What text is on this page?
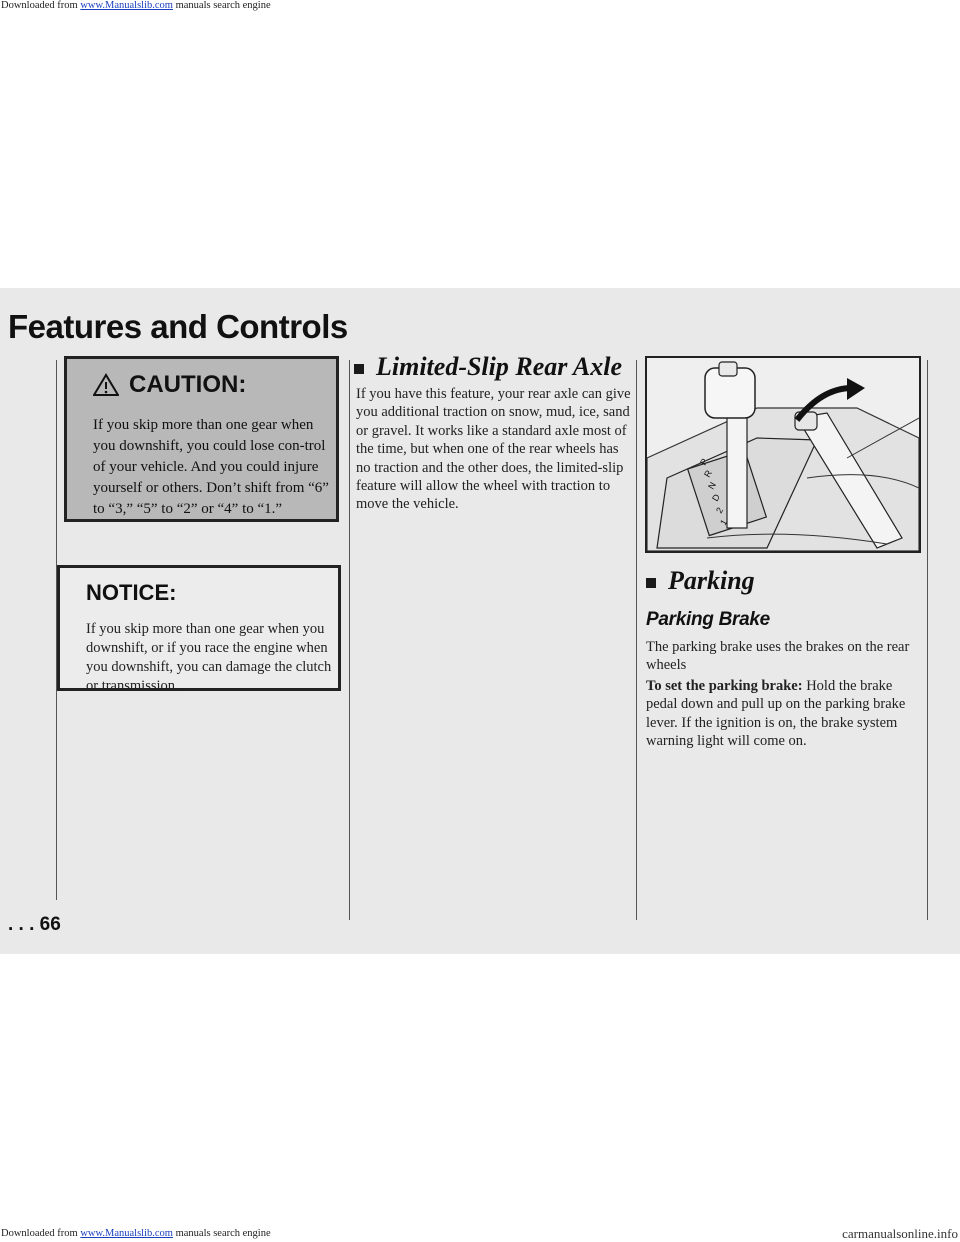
Downloaded from www.Manualslib.com manuals search engine
Features and Controls
CAUTION:

If you skip more than one gear when you downshift, you could lose con-trol of your vehicle. And you could injure yourself or others. Don’t shift from “6” to “3,” “5” to “2” or “4” to “1.”

NOTICE:

If you skip more than one gear when you downshift, or if you race the engine when you downshift, you can damage the clutch or transmission.

. . . 66
Limited-Slip Rear Axle

If you have this feature, your rear axle can give you additional traction on snow, mud, ice, sand or gravel. It works like a standard axle most of the time, but when one of the rear wheels has no traction and the other does, the limited-slip feature will allow the wheel with traction to move the vehicle.

P
R
N
D
2
1
Parking
Parking Brake

The parking brake uses the brakes on the rear wheels

To set the parking brake: Hold the brake pedal down and pull up on the parking brake lever. If the ignition is on, the brake system warning light will come on.

Downloaded from www.Manualslib.com manuals search engine	carmanualsonline.info
